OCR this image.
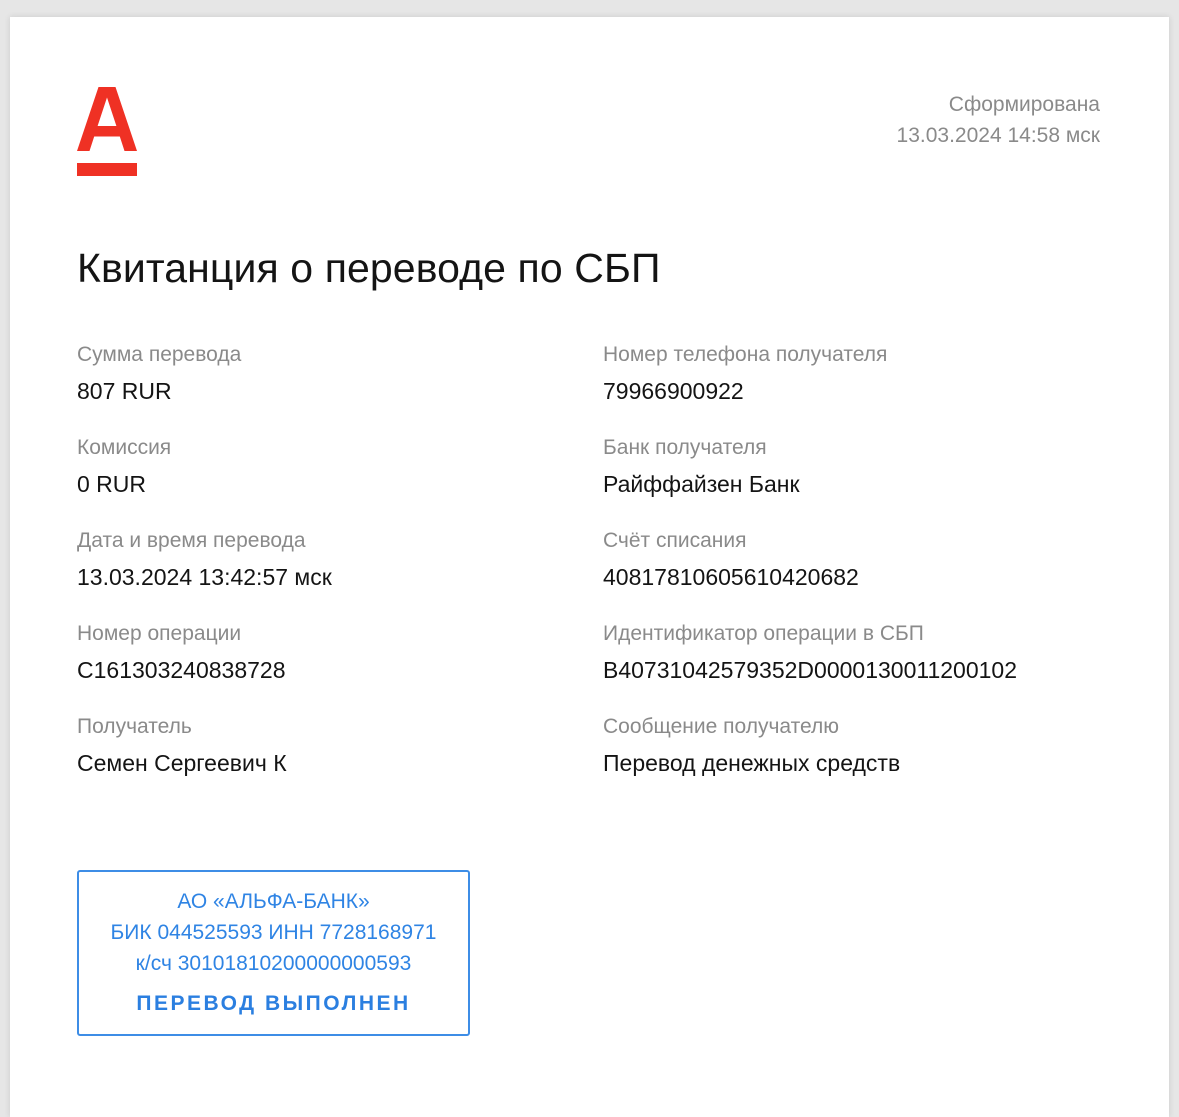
Сформирована
13.03.2024 14:58 мск
Квитанция о переводе по СБП
Сумма перевода
807 RUR
Номер телефона получателя
79966900922
Комиссия
0 RUR
Банк получателя
Райффайзен Банк
Дата и время перевода
13.03.2024 13:42:57 мск
Счёт списания
40817810605610420682
Номер операции
C161303240838728
Идентификатор операции в СБП
B40731042579352D0000130011200102
Получатель
Семен Сергеевич К
Сообщение получателю
Перевод денежных средств
АО «АЛЬФА-БАНК»
БИК 044525593 ИНН 7728168971
к/сч 30101810200000000593
ПЕРЕВОД ВЫПОЛНЕН
